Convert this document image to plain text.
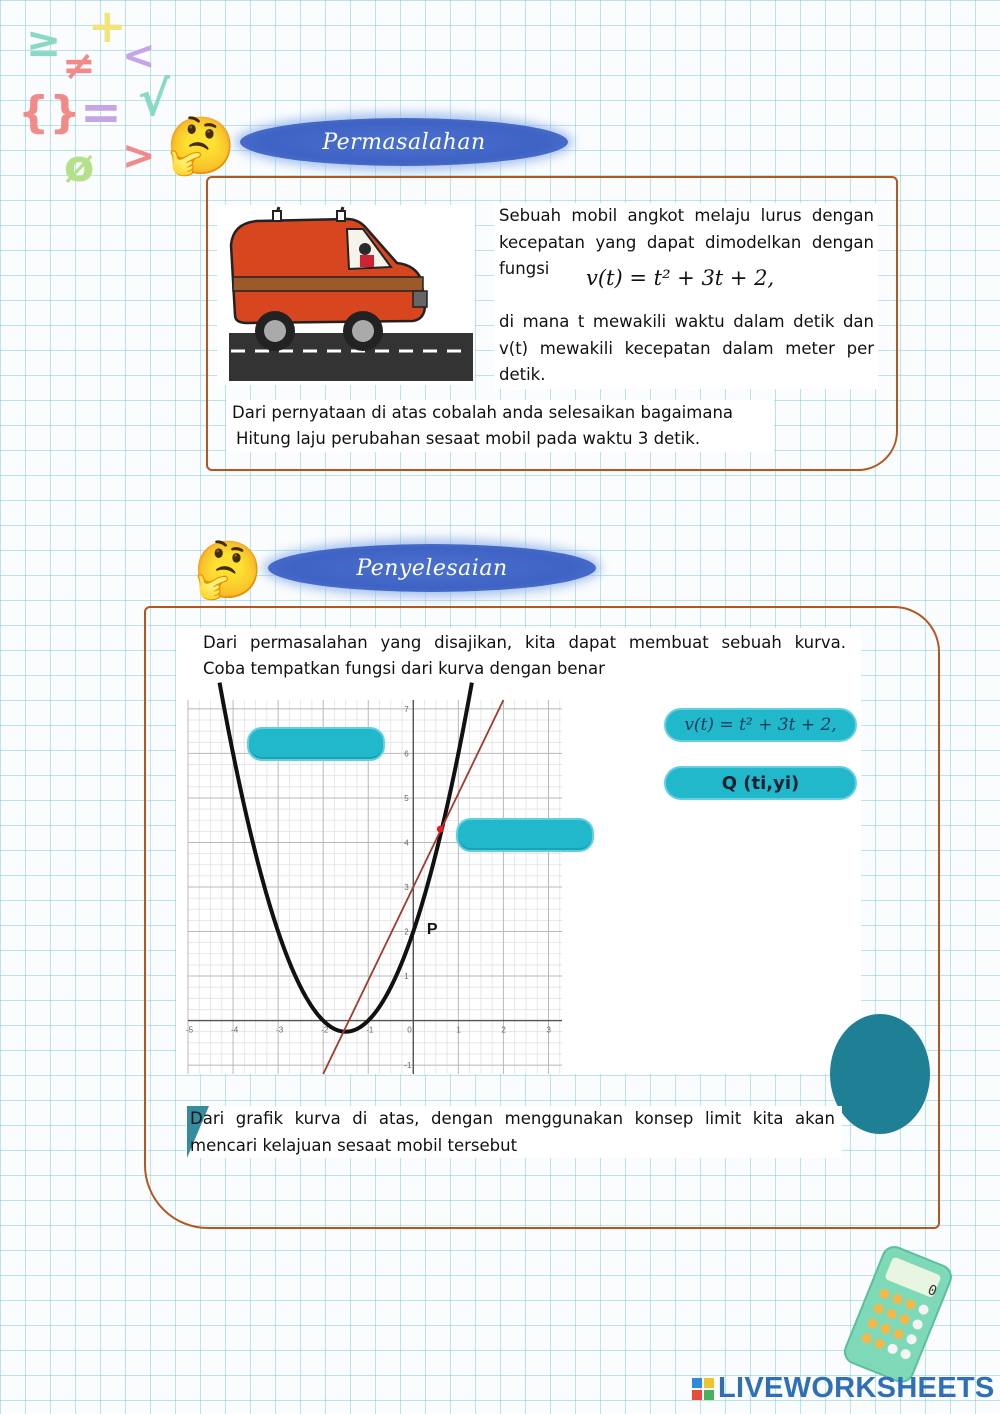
≥ +
≠ <
{} = √
ø > 🤔	Permasalahan
Sebuah mobil angkot melaju lurus dengan kecepatan yang dapat dimodelkan dengan
fungsi v(t) = t² + 3t + 2,
di mana t mewakili waktu dalam detik dan v(t) mewakili kecepatan dalam meter per detik.
Dari pernyataan di atas cobalah anda selesaikan bagaimana
Hitung laju perubahan sesaat mobil pada waktu 3 detik.
🤔	Penyelesaian
Dari permasalahan yang disajikan, kita dapat membuat sebuah kurva.
Coba tempatkan fungsi dari kurva dengan benar
-5	-4	-3	-2	-1	0	1	2	3
-1
1
2
3
4
5
6
7
P
v(t) = t² + 3t + 2,
Q (ti,yi)
Dari grafik kurva di atas, dengan menggunakan konsep limit kita akan mencari kelajuan sesaat mobil tersebut
0
LIVEWORKSHEETS
